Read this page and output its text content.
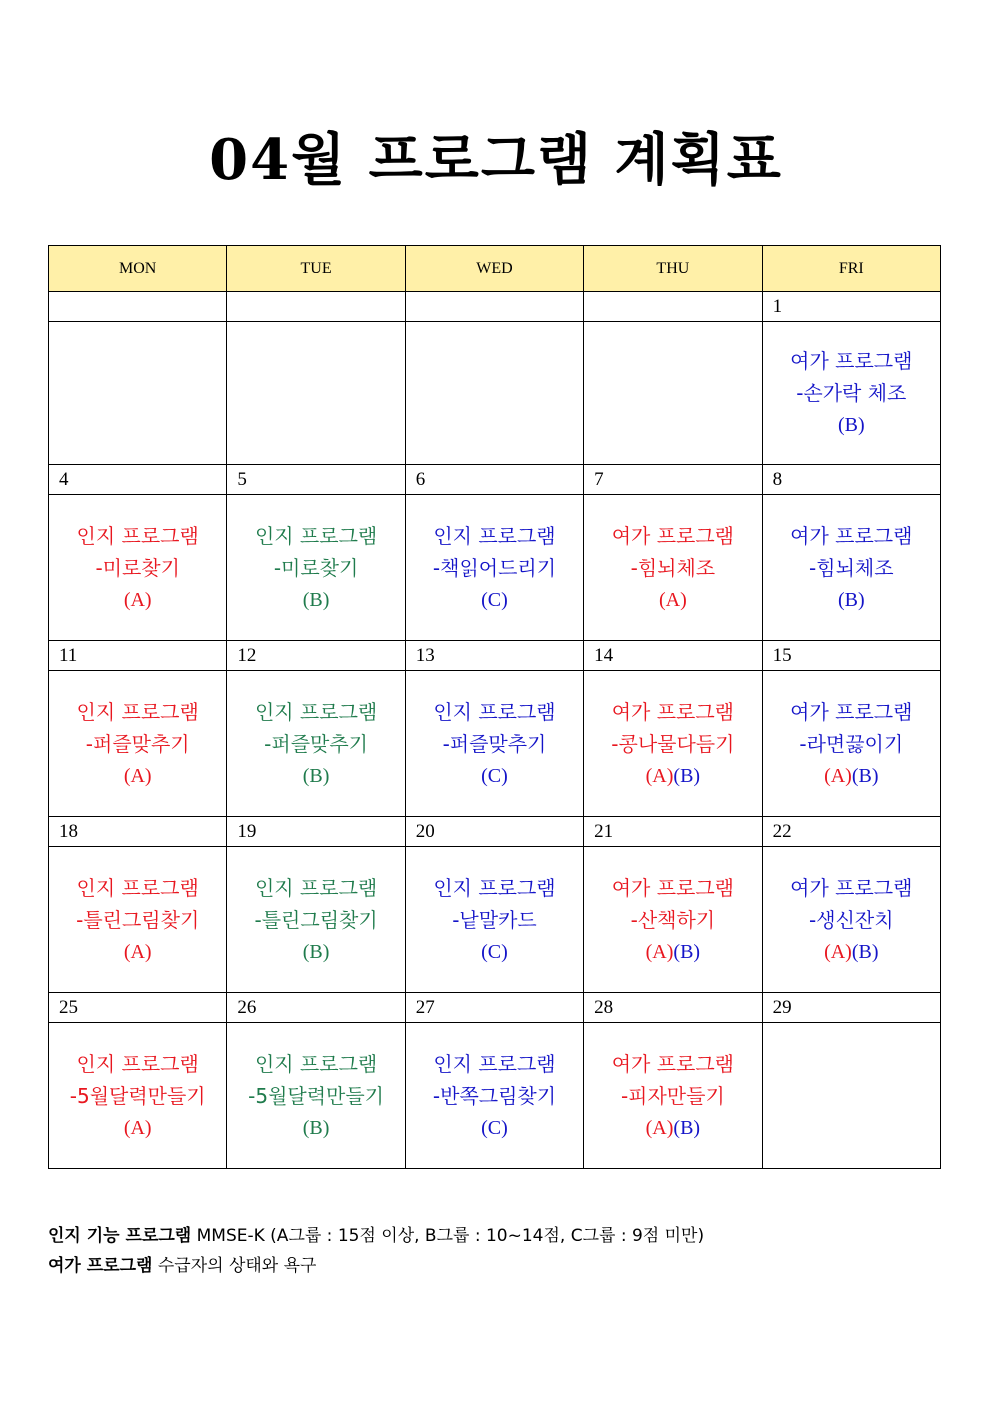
04월 프로그램 계획표
MON	TUE	WED	THU	FRI
				1

				여가 프로그램
-손가락 체조
(B)

4	5	6	7	8

인지 프로그램
-미로찾기
(A)	인지 프로그램
-미로찾기
(B)	인지 프로그램
-책읽어드리기
(C)	여가 프로그램
-힘뇌체조
(A)	여가 프로그램
-힘뇌체조
(B)

11	12	13	14	15

인지 프로그램
-퍼즐맞추기
(A)	인지 프로그램
-퍼즐맞추기
(B)	인지 프로그램
-퍼즐맞추기
(C)	여가 프로그램
-콩나물다듬기
(A)(B)	여가 프로그램
-라면끓이기
(A)(B)

18	19	20	21	22

인지 프로그램
-틀린그림찾기
(A)	인지 프로그램
-틀린그림찾기
(B)	인지 프로그램
-낱말카드
(C)	여가 프로그램
-산책하기
(A)(B)	여가 프로그램
-생신잔치
(A)(B)

25	26	27	28	29

인지 프로그램
-5월달력만들기
(A)	인지 프로그램
-5월달력만들기
(B)	인지 프로그램
-반쪽그림찾기
(C)	여가 프로그램
-피자만들기
(A)(B)	

인지 기능 프로그램 MMSE-K (A그룹 : 15점 이상, B그룹 : 10~14점, C그룹 : 9점 미만)

여가 프로그램 수급자의 상태와 욕구
